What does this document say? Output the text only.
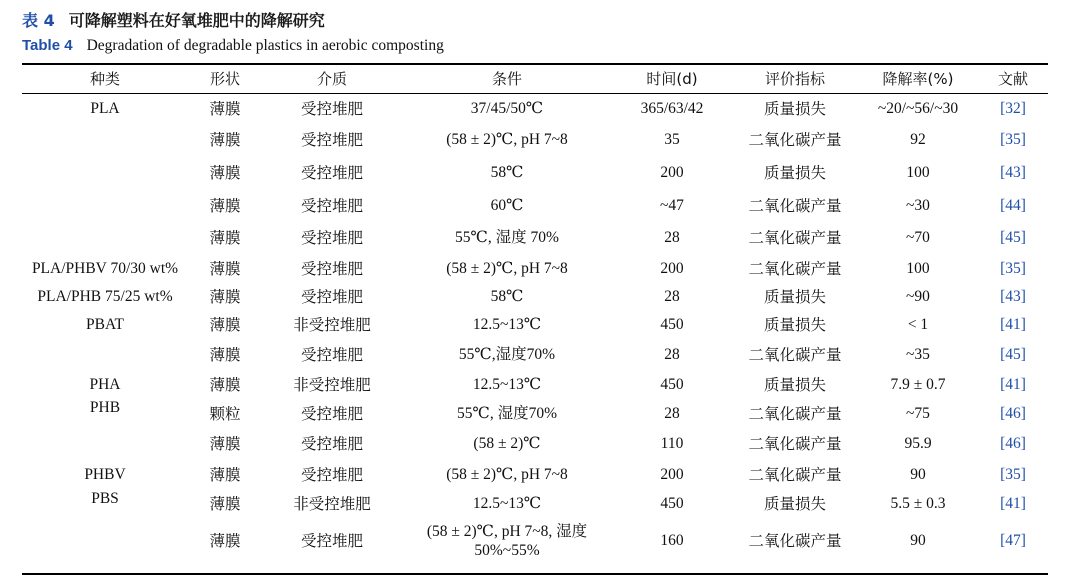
表 4 可降解塑料在好氧堆肥中的降解研究
Table 4 Degradation of degradable plastics in aerobic composting
种类	形状	介质	条件	时间(d)	评价指标	降解率(%)	文献
PLA	薄膜	受控堆肥	37/45/50℃	365/63/42	质量损失	~20/~56/~30	[32]
	薄膜	受控堆肥	(58 ± 2)℃, pH 7~8	35	二氧化碳产量	92	[35]
	薄膜	受控堆肥	58℃	200	质量损失	100	[43]
	薄膜	受控堆肥	60℃	~47	二氧化碳产量	~30	[44]
	薄膜	受控堆肥	55℃, 湿度 70%	28	二氧化碳产量	~70	[45]
PLA/PHBV 70/30 wt%	薄膜	受控堆肥	(58 ± 2)℃, pH 7~8	200	二氧化碳产量	100	[35]
PLA/PHB 75/25 wt%	薄膜	受控堆肥	58℃	28	质量损失	~90	[43]
PBAT	薄膜	非受控堆肥	12.5~13℃	450	质量损失	< 1	[41]
	薄膜	受控堆肥	55℃,湿度70%	28	二氧化碳产量	~35	[45]
PHA	薄膜	非受控堆肥	12.5~13℃	450	质量损失	7.9 ± 0.7	[41]
PHB	颗粒	受控堆肥	55℃, 湿度70%	28	二氧化碳产量	~75	[46]
	薄膜	受控堆肥	(58 ± 2)℃	110	二氧化碳产量	95.9	[46]
PHBV	薄膜	受控堆肥	(58 ± 2)℃, pH 7~8	200	二氧化碳产量	90	[35]
PBS	薄膜	非受控堆肥	12.5~13℃	450	质量损失	5.5 ± 0.3	[41]
	薄膜	受控堆肥	(58 ± 2)℃, pH 7~8, 湿度 50%~55%	160	二氧化碳产量	90	[47]
